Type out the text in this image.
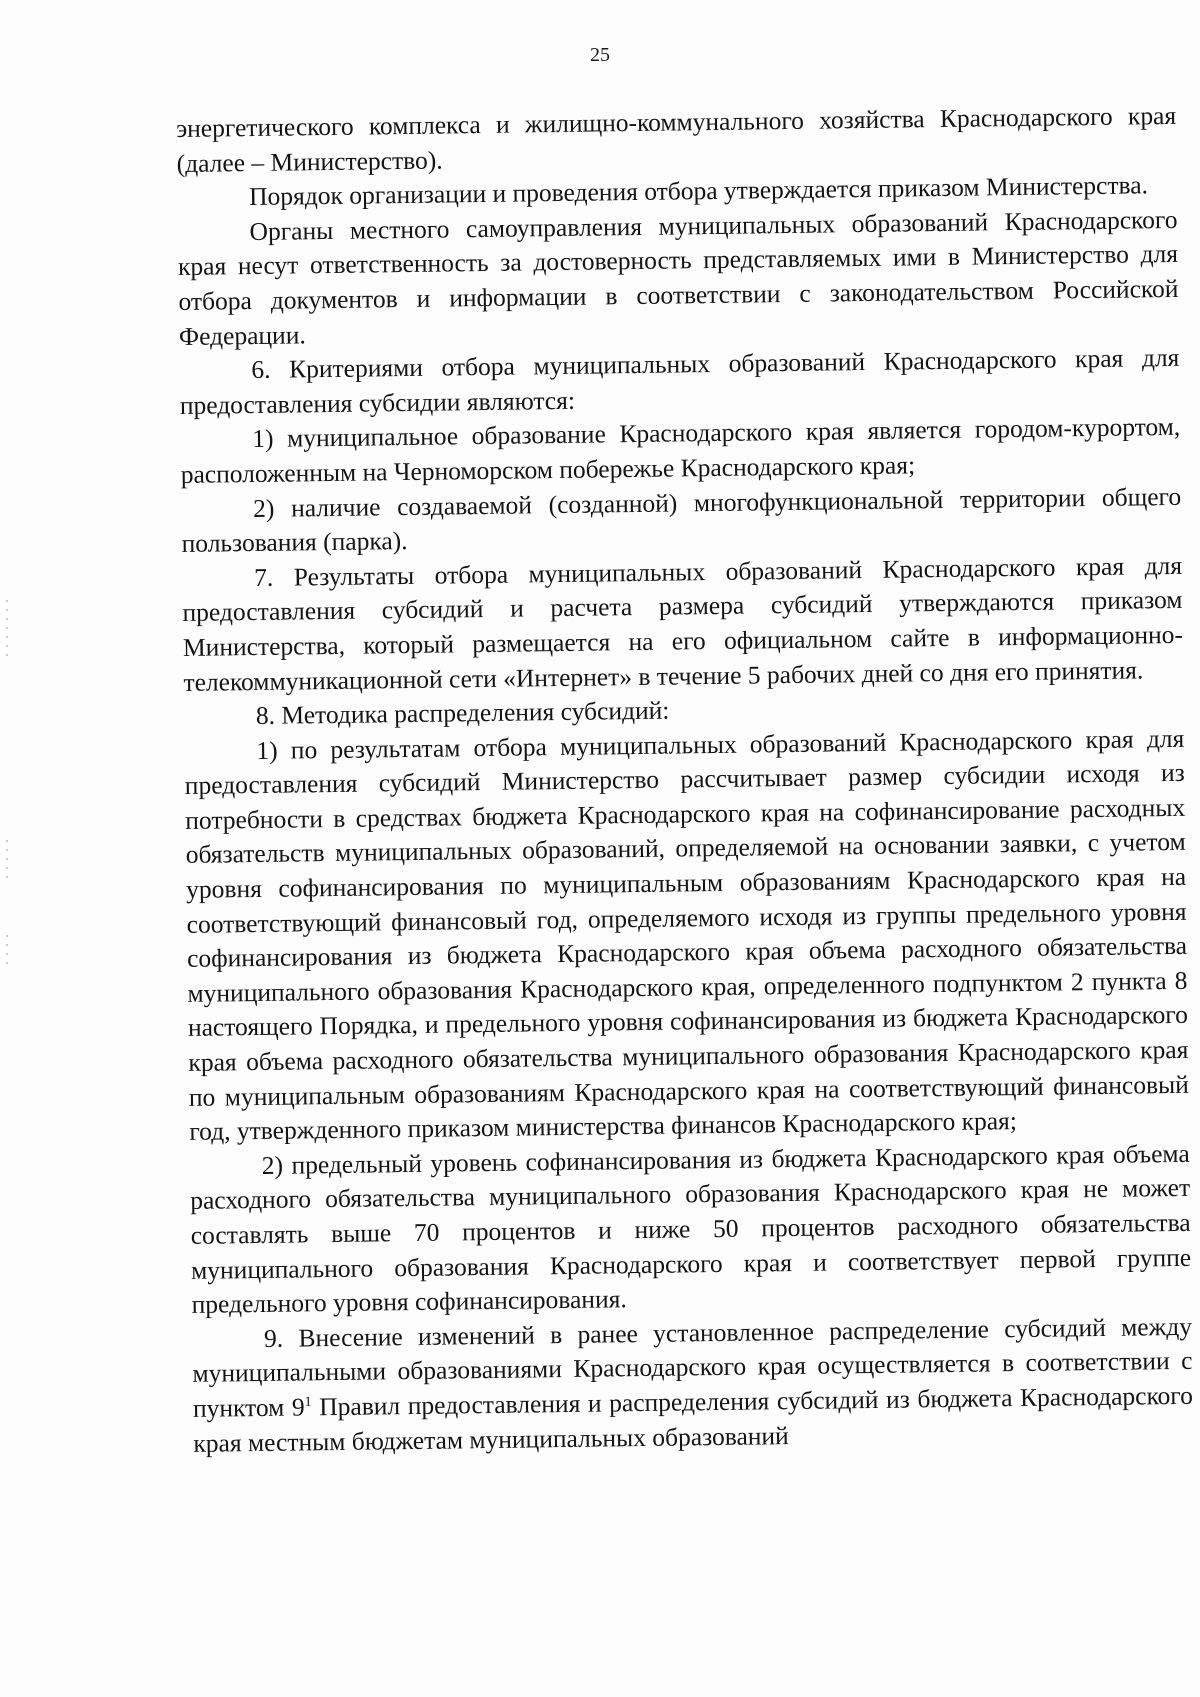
25

энергетического комплекса и жилищно-коммунального хозяйства Краснодарского края (далее – Министерство).

Порядок организации и проведения отбора утверждается приказом Министерства.

Органы местного самоуправления муниципальных образований Краснодарского края несут ответственность за достоверность представляемых ими в Министерство для отбора документов и информации в соответствии с законодательством Российской Федерации.

6. Критериями отбора муниципальных образований Краснодарского края для предоставления субсидии являются:

1) муниципальное образование Краснодарского края является городом-курортом, расположенным на Черноморском побережье Краснодарского края;

2) наличие создаваемой (созданной) многофункциональной территории общего пользования (парка).

7. Результаты отбора муниципальных образований Краснодарского края для предоставления субсидий и расчета размера субсидий утверждаются приказом Министерства, который размещается на его официальном сайте в информационно-телекоммуникационной сети «Интернет» в течение 5 рабочих дней со дня его принятия.

8. Методика распределения субсидий:

1) по результатам отбора муниципальных образований Краснодарского края для предоставления субсидий Министерство рассчитывает размер субсидии исходя из потребности в средствах бюджета Краснодарского края на софинансирование расходных обязательств муниципальных образований, определяемой на основании заявки, с учетом уровня софинансирования по муниципальным образованиям Краснодарского края на соответствующий финансовый год, определяемого исходя из группы предельного уровня софинансирования из бюджета Краснодарского края объема расходного обязательства муниципального образования Краснодарского края, определенного подпунктом 2 пункта 8 настоящего Порядка, и предельного уровня софинансирования из бюджета Краснодарского края объема расходного обязательства муниципального образования Краснодарского края по муниципальным образованиям Краснодарского края на соответствующий финансовый год, утвержденного приказом министерства финансов Краснодарского края;

2) предельный уровень софинансирования из бюджета Краснодарского края объема расходного обязательства муниципального образования Краснодарского края не может составлять выше 70 процентов и ниже 50 процентов расходного обязательства муниципального образования Краснодарского края и соответствует первой группе предельного уровня софинансирования.

9. Внесение изменений в ранее установленное распределение субсидий между муниципальными образованиями Краснодарского края осуществляется в соответствии с пунктом $9^1$ Правил предоставления и распределения субсидий из бюджета Краснодарского края местным бюджетам муниципальных образований
